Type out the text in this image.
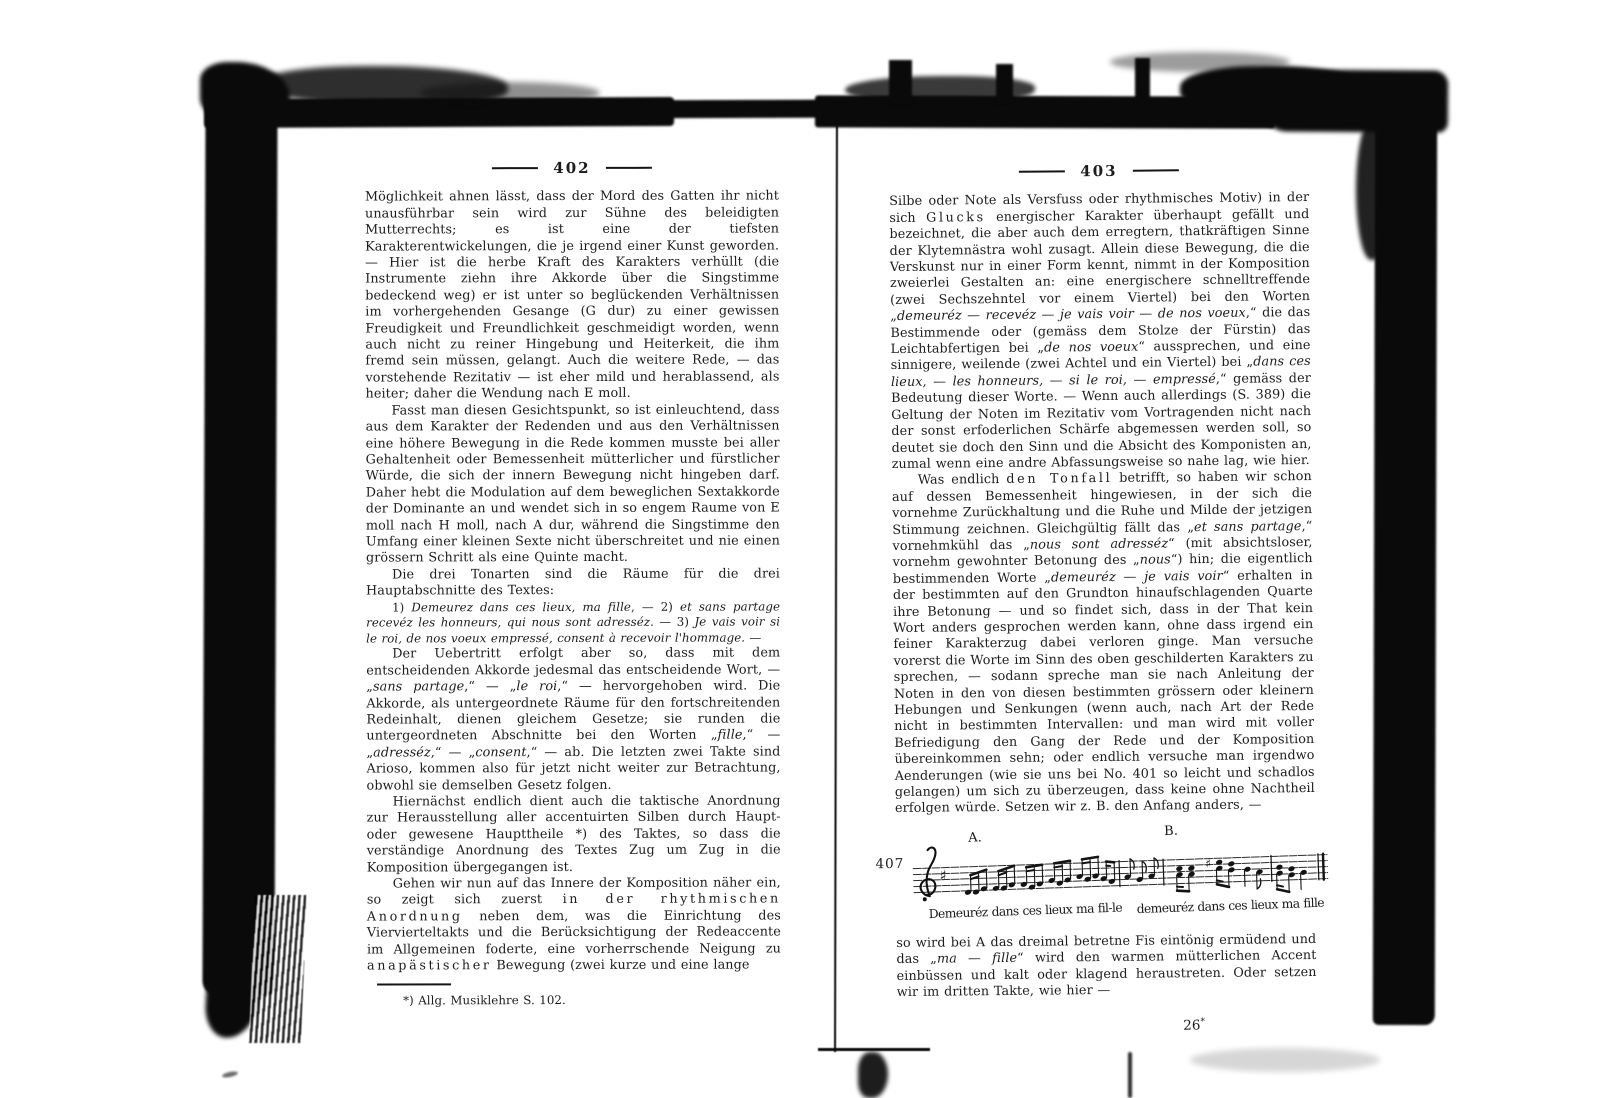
402

Möglichkeit ahnen lässt, dass der Mord des Gatten ihr nicht unausführbar sein wird zur Sühne des beleidigten Mutterrechts; es ist eine der tiefsten Karakterentwickelungen, die je irgend einer Kunst geworden. — Hier ist die herbe Kraft des Karakters verhüllt (die Instrumente ziehn ihre Akkorde über die Singstimme bedeckend weg) er ist unter so beglückenden Verhältnissen im vorhergehenden Gesange (G dur) zu einer gewissen Freudigkeit und Freundlichkeit geschmeidigt worden, wenn auch nicht zu reiner Hingebung und Heiterkeit, die ihm fremd sein müssen, gelangt. Auch die weitere Rede, — das vorstehende Rezitativ — ist eher mild und herablassend, als heiter; daher die Wendung nach E moll.

Fasst man diesen Gesichtspunkt, so ist einleuchtend, dass aus dem Karakter der Redenden und aus den Verhältnissen eine höhere Bewegung in die Rede kommen musste bei aller Gehaltenheit oder Bemessenheit mütterlicher und fürstlicher Würde, die sich der innern Bewegung nicht hingeben darf. Daher hebt die Modulation auf dem beweglichen Sextakkorde der Dominante an und wendet sich in so engem Raume von E moll nach H moll, nach A dur, während die Singstimme den Umfang einer kleinen Sexte nicht überschreitet und nie einen grössern Schritt als eine Quinte macht.

Die drei Tonarten sind die Räume für die drei Hauptabschnitte des Textes:

1) Demeurez dans ces lieux, ma fille, — 2) et sans partage recevéz les honneurs, qui nous sont adresséz. — 3) Je vais voir si le roi, de nos voeux empressé, consent à recevoir l'hommage. —

Der Uebertritt erfolgt aber so, dass mit dem entscheidenden Akkorde jedesmal das entscheidende Wort, — „sans partage,“ — „le roi,“ — hervorgehoben wird. Die Akkorde, als untergeordnete Räume für den fortschreitenden Redeinhalt, dienen gleichem Gesetze; sie runden die untergeordneten Abschnitte bei den Worten „fille,“ — „adresséz,“ — „consent,“ — ab. Die letzten zwei Takte sind Arioso, kommen also für jetzt nicht weiter zur Betrachtung, obwohl sie demselben Gesetz folgen.

Hiernächst endlich dient auch die taktische Anordnung zur Herausstellung aller accentuirten Silben durch Haupt- oder gewesene Haupttheile *) des Taktes, so dass die verständige Anordnung des Textes Zug um Zug in die Komposition übergegangen ist.

Gehen wir nun auf das Innere der Komposition näher ein, so zeigt sich zuerst in der rhythmischen Anordnung neben dem, was die Einrichtung des Viervierteltakts und die Berücksichtigung der Redeaccente im Allgemeinen foderte, eine vorherrschende Neigung zu anapästischer Bewegung (zwei kurze und eine lange

*) Allg. Musiklehre S. 102.
403

Silbe oder Note als Versfuss oder rhythmisches Motiv) in der sich Glucks energischer Karakter überhaupt gefällt und bezeichnet, die aber auch dem erregtern, thatkräftigen Sinne der Klytemnästra wohl zusagt. Allein diese Bewegung, die die Verskunst nur in einer Form kennt, nimmt in der Komposition zweierlei Gestalten an: eine energischere schnelltreffende (zwei Sechszehntel vor einem Viertel) bei den Worten „demeuréz — recevéz — je vais voir — de nos voeux,“ die das Bestimmende oder (gemäss dem Stolze der Fürstin) das Leichtabfertigen bei „de nos voeux“ aussprechen, und eine sinnigere, weilende (zwei Achtel und ein Viertel) bei „dans ces lieux, — les honneurs, — si le roi, — empressé,“ gemäss der Bedeutung dieser Worte. — Wenn auch allerdings (S. 389) die Geltung der Noten im Rezitativ vom Vortragenden nicht nach der sonst erfoderlichen Schärfe abgemessen werden soll, so deutet sie doch den Sinn und die Absicht des Komponisten an, zumal wenn eine andre Abfassungsweise so nahe lag, wie hier.

Was endlich den Tonfall betrifft, so haben wir schon auf dessen Bemessenheit hingewiesen, in der sich die vornehme Zurückhaltung und die Ruhe und Milde der jetzigen Stimmung zeichnen. Gleichgültig fällt das „et sans partage,“ vornehmkühl das „nous sont adresséz“ (mit absichtsloser, vornehm gewohnter Betonung des „nous“) hin; die eigentlich bestimmenden Worte „demeuréz — je vais voir“ erhalten in der bestimmten auf den Grundton hinaufschlagenden Quarte ihre Betonung — und so findet sich, dass in der That kein Wort anders gesprochen werden kann, ohne dass irgend ein feiner Karakterzug dabei verloren ginge. Man versuche vorerst die Worte im Sinn des oben geschilderten Karakters zu sprechen, — sodann spreche man sie nach Anleitung der Noten in den von diesen bestimmten grössern oder kleinern Hebungen und Senkungen (wenn auch, nach Art der Rede nicht in bestimmten Intervallen: und man wird mit voller Befriedigung den Gang der Rede und der Komposition übereinkommen sehn; oder endlich versuche man irgendwo Aenderungen (wie sie uns bei No. 401 so leicht und schadlos gelangen) um sich zu überzeugen, dass keine ohne Nachtheil erfolgen würde. Setzen wir z. B. den Anfang anders, —

407
♯
A.	B.
♯
Demeuréz dans ces lieux ma fil-le demeuréz dans ces lieux ma fille

so wird bei A das dreimal betretne Fis eintönig ermüdend und das „ma — fille“ wird den warmen mütterlichen Accent einbüssen und kalt oder klagend heraustreten. Oder setzen wir im dritten Takte, wie hier —

26*
